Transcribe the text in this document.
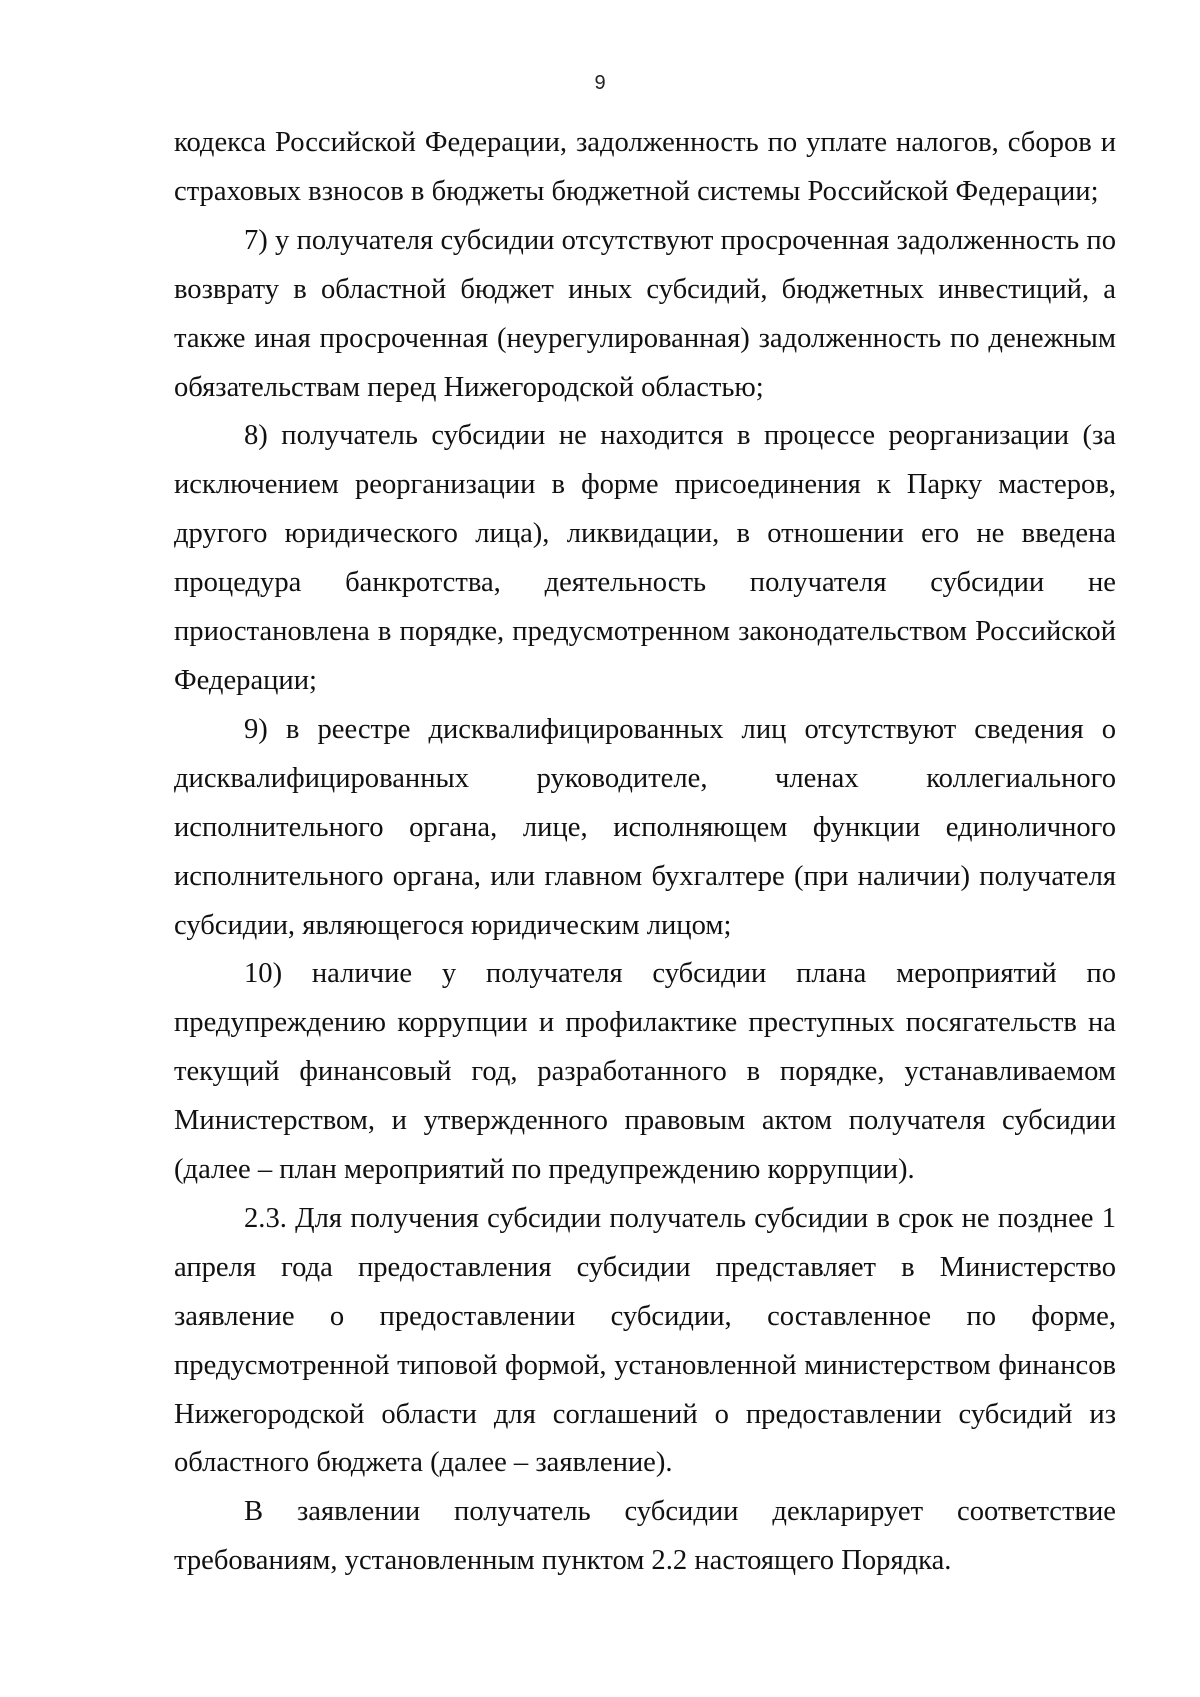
9

кодекса Российской Федерации, задолженность по уплате налогов, сборов и страховых взносов в бюджеты бюджетной системы Российской Федерации;

7) у получателя субсидии отсутствуют просроченная задолженность по возврату в областной бюджет иных субсидий, бюджетных инвестиций, а также иная просроченная (неурегулированная) задолженность по денежным обязательствам перед Нижегородской областью;

8) получатель субсидии не находится в процессе реорганизации (за исключением реорганизации в форме присоединения к Парку мастеров, другого юридического лица), ликвидации, в отношении его не введена процедура банкротства, деятельность получателя субсидии не приостановлена в порядке, предусмотренном законодательством Российской Федерации;

9) в реестре дисквалифицированных лиц отсутствуют сведения о дисквалифицированных руководителе, членах коллегиального исполнительного органа, лице, исполняющем функции единоличного исполнительного органа, или главном бухгалтере (при наличии) получателя субсидии, являющегося юридическим лицом;

10) наличие у получателя субсидии плана мероприятий по предупреждению коррупции и профилактике преступных посягательств на текущий финансовый год, разработанного в порядке, устанавливаемом Министерством, и утвержденного правовым актом получателя субсидии (далее – план мероприятий по предупреждению коррупции).

2.3. Для получения субсидии получатель субсидии в срок не позднее 1 апреля года предоставления субсидии представляет в Министерство заявление о предоставлении субсидии, составленное по форме, предусмотренной типовой формой, установленной министерством финансов Нижегородской области для соглашений о предоставлении субсидий из областного бюджета (далее – заявление).

В заявлении получатель субсидии декларирует соответствие требованиям, установленным пунктом 2.2 настоящего Порядка.
